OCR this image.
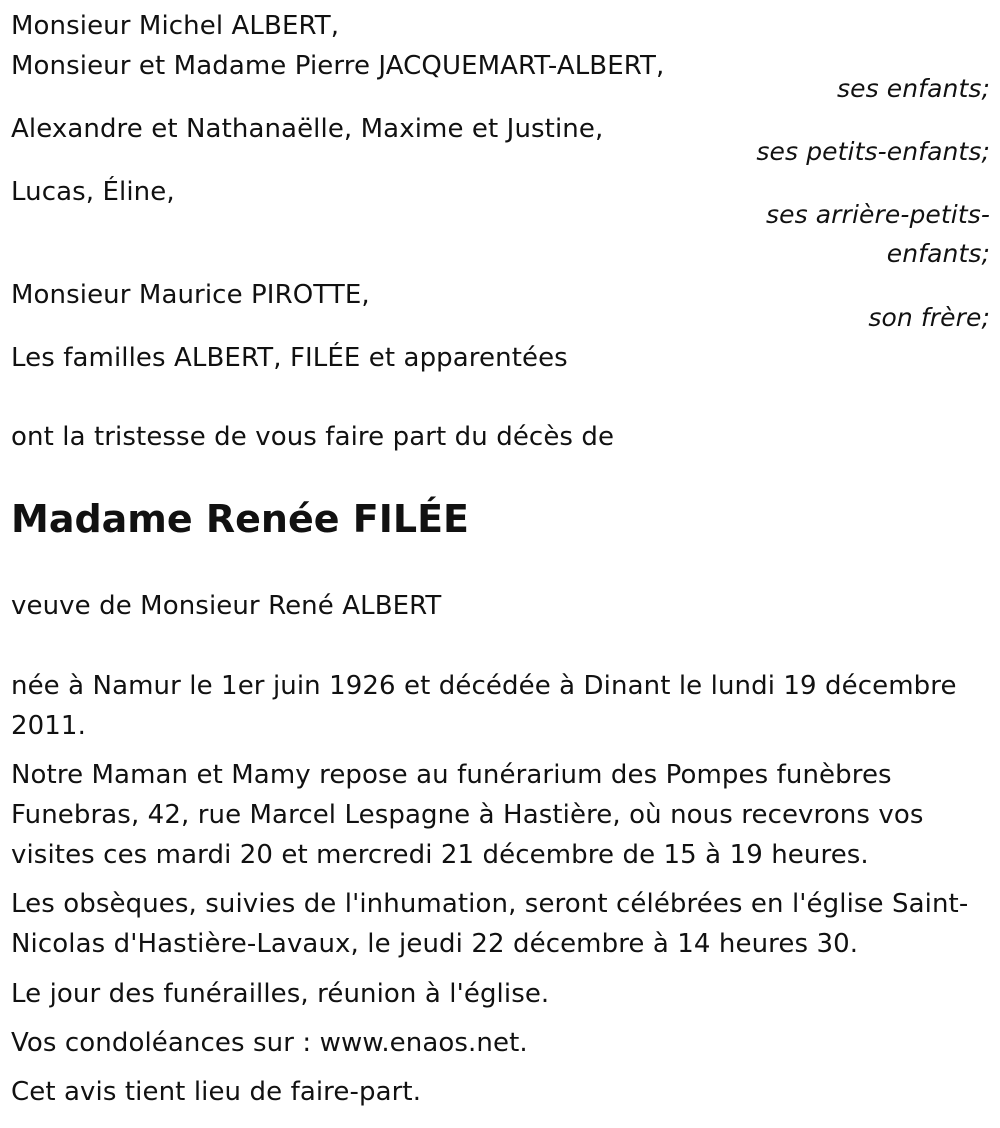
Monsieur Michel ALBERT,
Monsieur et Madame Pierre JACQUEMART-ALBERT,
ses enfants;
Alexandre et Nathanaëlle, Maxime et Justine,
ses petits-enfants;
Lucas, Éline,
ses arrière-petits-
enfants;
Monsieur Maurice PIROTTE,
son frère;
Les familles ALBERT, FILÉE et apparentées
ont la tristesse de vous faire part du décès de
Madame Renée FILÉE
veuve de Monsieur René ALBERT
née à Namur le 1er juin 1926 et décédée à Dinant le lundi 19 décembre
2011.
Notre Maman et Mamy repose au funérarium des Pompes funèbres
Funebras, 42, rue Marcel Lespagne à Hastière, où nous recevrons vos
visites ces mardi 20 et mercredi 21 décembre de 15 à 19 heures.
Les obsèques, suivies de l'inhumation, seront célébrées en l'église Saint-
Nicolas d'Hastière-Lavaux, le jeudi 22 décembre à 14 heures 30.
Le jour des funérailles, réunion à l'église.
Vos condoléances sur : www.enaos.net.
Cet avis tient lieu de faire-part.
